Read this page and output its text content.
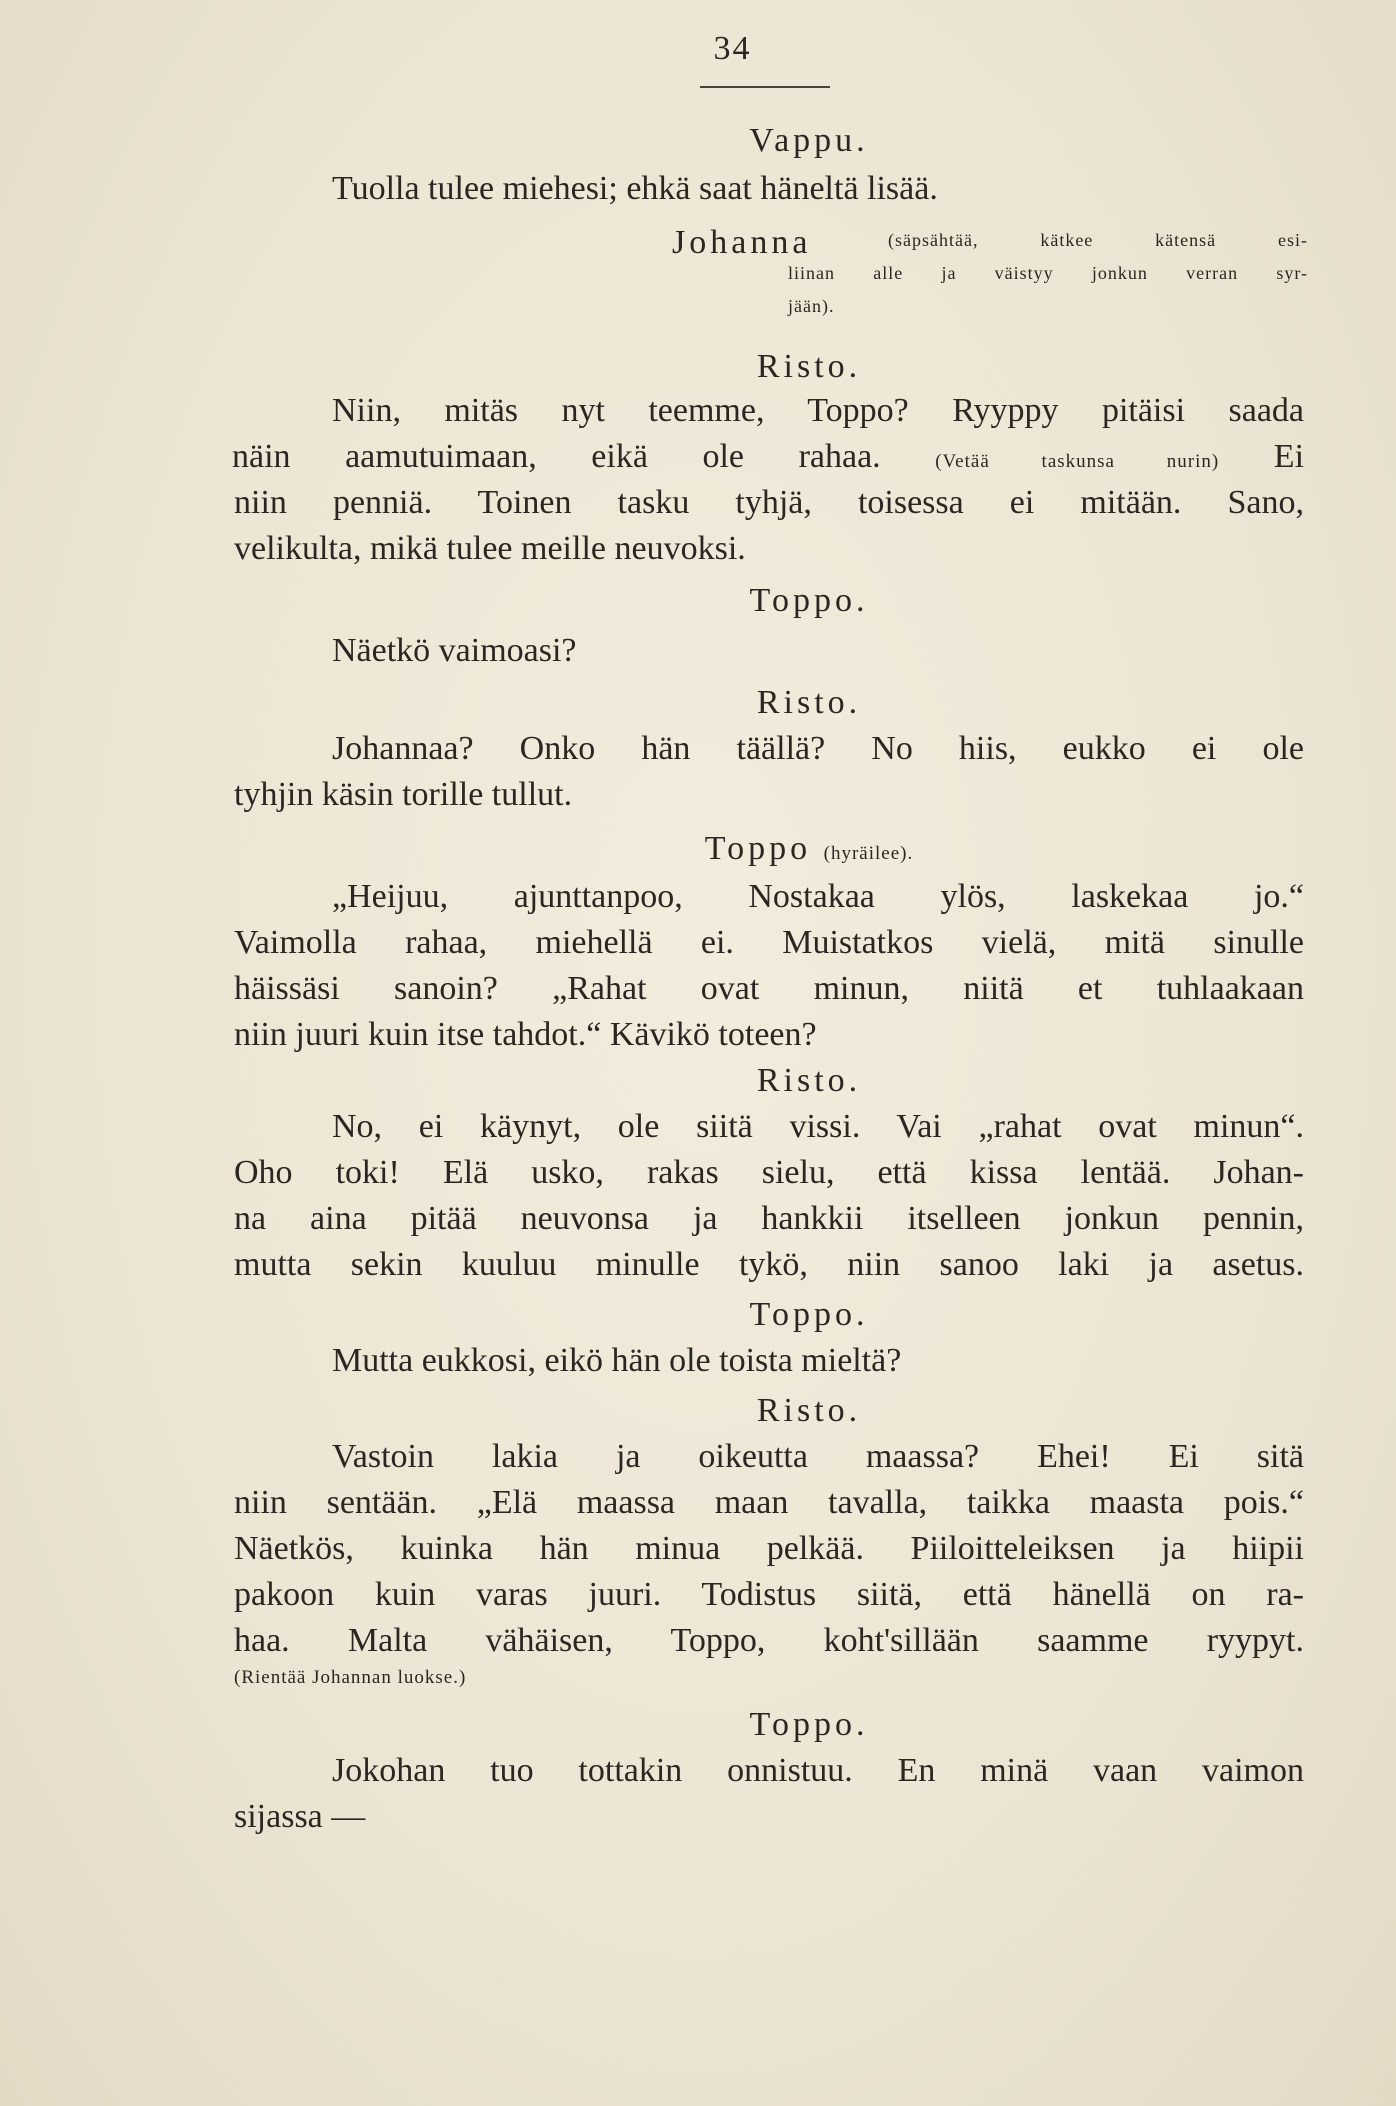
34
Vappu.
Tuolla tulee miehesi; ehkä saat häneltä lisää.
Johanna	(säpsähtää, kätkee kätensä esi-
liinan alle ja väistyy jonkun verran syr-
jään).
Risto.
Niin, mitäs nyt teemme, Toppo? Ryyppy pitäisi saada
näin aamutuimaan, eikä ole rahaa.	(Vetää taskunsa nurin) Ei
niin penniä. Toinen tasku tyhjä, toisessa ei mitään. Sano,
velikulta, mikä tulee meille neuvoksi.
Toppo.
Näetkö vaimoasi?
Risto.
Johannaa? Onko hän täällä? No hiis, eukko ei ole
tyhjin käsin torille tullut.
Toppo (hyräilee).
„Heijuu, ajunttanpoo, Nostakaa ylös, laskekaa jo.“
Vaimolla rahaa, miehellä ei. Muistatkos vielä, mitä sinulle
häissäsi sanoin? „Rahat ovat minun, niitä et tuhlaakaan
niin juuri kuin itse tahdot.“ Kävikö toteen?
Risto.
No, ei käynyt, ole siitä vissi. Vai „rahat ovat minun“.
Oho toki! Elä usko, rakas sielu, että kissa lentää. Johan-
na aina pitää neuvonsa ja hankkii itselleen jonkun pennin,
mutta sekin kuuluu minulle tykö, niin sanoo laki ja asetus.
Toppo.
Mutta eukkosi, eikö hän ole toista mieltä?
Risto.
Vastoin lakia ja oikeutta maassa? Ehei! Ei sitä
niin sentään. „Elä maassa maan tavalla, taikka maasta pois.“
Näetkös, kuinka hän minua pelkää. Piiloitteleiksen ja hiipii
pakoon kuin varas juuri. Todistus siitä, että hänellä on ra-
haa. Malta vähäisen, Toppo, koht'sillään saamme ryypyt.
(Rientää Johannan luokse.)
Toppo.
Jokohan tuo tottakin onnistuu. En minä vaan vaimon
sijassa —
